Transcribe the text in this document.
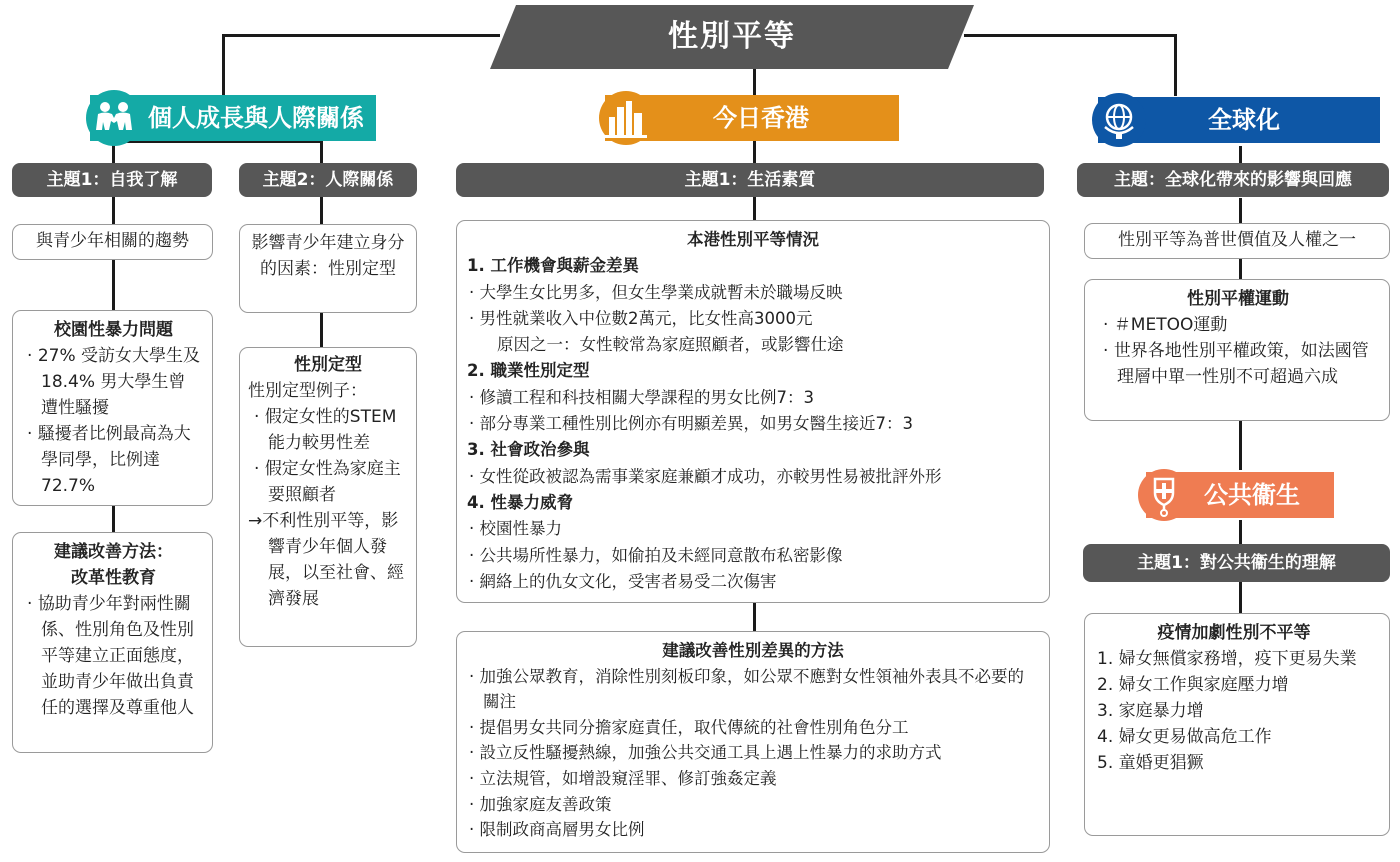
性別平等
個人成長與人際關係
主題1：自我了解	主題2：人際關係
與青少年相關的趨勢
校園性暴力問題
· 27% 受訪女大學生及 18.4% 男大學生曾遭性騷擾
· 騷擾者比例最高為大學同學，比例達 72.7%
建議改善方法：
改革性教育
· 協助青少年對兩性關係、性別角色及性別平等建立正面態度，並助青少年做出負責任的選擇及尊重他人
影響青少年建立身分的因素：性別定型
性別定型
性別定型例子：
· 假定女性的STEM 能力較男性差
· 假定女性為家庭主要照顧者
→不利性別平等，影響青少年個人發展，以至社會、經濟發展
今日香港
主題1：生活素質
本港性別平等情況
1. 工作機會與薪金差異
· 大學生女比男多，但女生學業成就暫未於職場反映
· 男性就業收入中位數2萬元，比女性高3000元
原因之一：女性較常為家庭照顧者，或影響仕途
2. 職業性別定型
· 修讀工程和科技相關大學課程的男女比例7：3
· 部分專業工種性別比例亦有明顯差異，如男女醫生接近7：3
3. 社會政治參與
· 女性從政被認為需事業家庭兼顧才成功，亦較男性易被批評外形
4. 性暴力威脅
· 校園性暴力
· 公共場所性暴力，如偷拍及未經同意散布私密影像
· 網絡上的仇女文化，受害者易受二次傷害
建議改善性別差異的方法
· 加強公眾教育，消除性別刻板印象，如公眾不應對女性領袖外表具不必要的關注
· 提倡男女共同分擔家庭責任，取代傳統的社會性別角色分工
· 設立反性騷擾熱線，加強公共交通工具上遇上性暴力的求助方式
· 立法規管，如增設窺淫罪、修訂強姦定義
· 加強家庭友善政策
· 限制政商高層男女比例
全球化
主題：全球化帶來的影響與回應
性別平等為普世價值及人權之一
性別平權運動
· ＃METOO運動
· 世界各地性別平權政策，如法國管理層中單一性別不可超過六成
公共衞生
主題1：對公共衞生的理解
疫情加劇性別不平等
1. 婦女無償家務增，疫下更易失業
2. 婦女工作與家庭壓力增
3. 家庭暴力增
4. 婦女更易做高危工作
5. 童婚更猖獗
